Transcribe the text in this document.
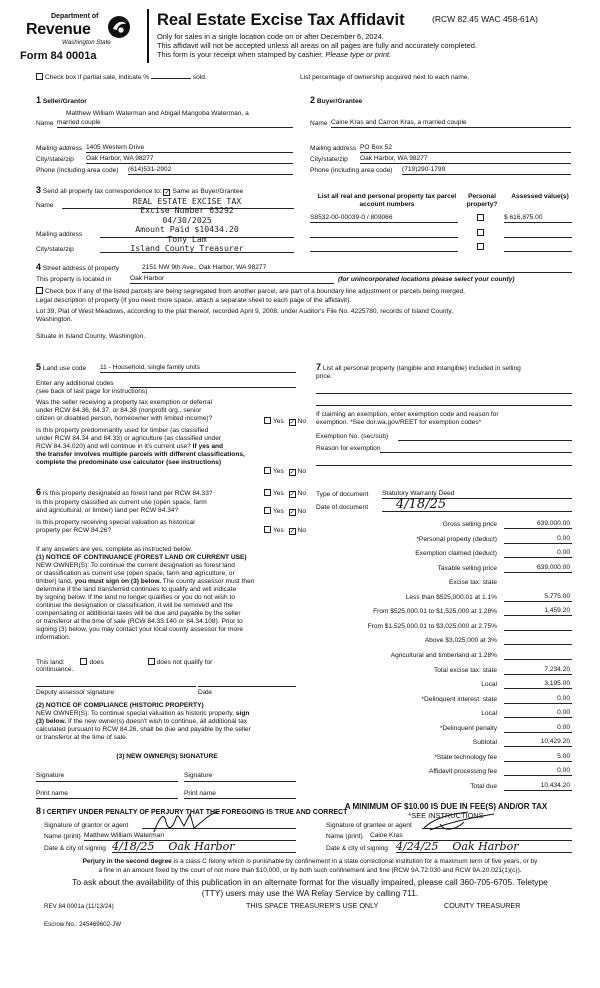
Department of
Revenue
Washington State
Form 84 0001a
Real Estate Excise Tax Affidavit	(RCW 82.45 WAC 458-61A)
Only for sales in a single location code on or after December 6, 2024.
This affidavit will not be accepted unless all areas on all pages are fully and accurately completed.
This form is your receipt when stamped by cashier. Please type or print.
Check box if partial sale, indicate %	sold.	List percentage of ownership acquired next to each name.
1 Seller/Grantor
Matthew William Waterman and Abigail Mangoba Waterman, a
Name married couple
Mailing address 1405 Western Drive
City/state/zip Oak Harbor, WA 98277
Phone (including area code) (614)531-2902
2 Buyer/Grantee
Name Caine Kras and Carron Kras, a married couple
Mailing address PO Box 52
City/state/zip Oak Harbor, WA 98277
Phone (including area code) (719)290-1799
3 Send all property tax correspondence to: ✓ Same as Buyer/Grantee
Name
Mailing address
City/state/zip
REAL ESTATE EXCISE TAX
Excise Number 63292
04/30/2025
Amount Paid $10434.20
Tony Lam
Island County Treasurer
List all real and personal property tax parcel account numbers
Personal property?
Assessed value(s)
S8532-00-00039-0 / 809066	$ 616,875.00
4 Street address of property	2151 NW 9th Ave., Oak Harbor, WA 98277
This property is located in	Oak Harbor	(for unincorporated locations please select your county)
Check box if any of the listed parcels are being segregated from another parcel, are part of a boundary line adjustment or parcels being merged.
Legal description of property (if you need more space, attach a separate sheet to each page of the affidavit).
Lot 39, Plat of West Meadows, according to the plat thereof, recorded April 9, 2008, under Auditor's File No. 4225780, records of Island County,
Washington.
Situate in Island County, Washington.
5 Land use code 11 - Household, single family units
Enter any additional codes
(see back of last page for instructions)
Was the seller receiving a property tax exemption or deferral
under RCW 84.36, 84.37, or 84.38 (nonprofit org., senior
citizen or disabled person, homeowner with limited income)?	Yes ✓ No
Is this property predominantly used for timber (as classified
under RCW 84.34 and 84.33) or agriculture (as classified under
RCW 84.34.020) and will continue in it's current use? If yes and
the transfer involves multiple parcels with different classifications,
complete the predominate use calculator (see instructions)
Yes ✓ No
7 List all personal property (tangible and intangible) included in selling
price.
If claiming an exemption, enter exemption code and reason for
exemption. *See dor.wa.gov/REET for exemption codes*
Exemption No. (sec/sub)
Reason for exemption
6 Is this property designated as forest land per RCW 84.33?	Yes ✓ No
Is this property classified as current use (open space, farm
and agricultural, or timber) land per RCW 84.34?	Yes ✓ No
Is this property receiving special valuation as historical
property per RCW 84.26?	Yes ✓ No
If any answers are yes, complete as instructed below.
(1) NOTICE OF CONTINUANCE (FOREST LAND OR CURRENT USE)
NEW OWNER(S): To continue the current designation as forest land
or classification as current use (open space, farm and agriculture, or
timber) land, you must sign on (3) below. The county assessor must then
determine if the land transferred continues to qualify and will indicate
by signing below. If the land no longer qualifies or you do not wish to
continue the designation or classification, it will be removed and the
compensating or additional taxes will be due and payable by the seller
or transferor at the time of sale (RCW 84.33.140 or 84.34.108). Prior to
signing (3) below, you may contact your local county assessor for more
information.
This land:	does	does not qualify for
continuance.
Deputy assessor signature	Date
(2) NOTICE OF COMPLIANCE (HISTORIC PROPERTY)
NEW OWNER(S): To continue special valuation as historic property, sign
(3) below. If the new owner(s) doesn't wish to continue, all additional tax
calculated pursuant to RCW 84.26, shall be due and payable by the seller
or transferor at the time of sale.
(3) NEW OWNER(S) SIGNATURE
Signature	Signature
Print name	Print name
Type of document Statutory Warranty Deed
Date of document	4/18/25
Gross selling price	639,000.00
*Personal property (deduct)	0.00
Exemption claimed (deduct)	0.00
Taxable selling price	639,000.00
Excise tax: state
Less than $525,000.01 at 1.1%	5,775.00
From $525,000.01 to $1,525,000 at 1.28%	1,459.20
From $1,525,000.01 to $3,025,000 at 2.75%
Above $3,025,000 at 3%
Agricultural and timberland at 1.28%
Total excise tax: state	7,234.20
Local	3,195.00
*Delinquent interest: state	0.00
Local	0.00
*Delinquent penalty	0.00
Subtotal	10,429.20
*State technology fee	5.00
Affidavit processing fee	0.00
Total due	10,434.20
A MINIMUM OF $10.00 IS DUE IN FEE(S) AND/OR TAX
*SEE INSTRUCTIONS
8 I CERTIFY UNDER PENALTY OF PERJURY THAT THE FOREGOING IS TRUE AND CORRECT
Signature of grantor or agent
Name (print) Matthew William Waterman
Date & city of signing 4/18/25 Oak Harbor
Signature of grantee or agent
Name (print) Caine Kras
Date & city of signing 4/24/25 Oak Harbor
Perjury in the second degree is a class C felony which is punishable by confinement in a state correctional institution for a maximum term of five years, or by
a fine in an amount fixed by the court of not more than $10,000, or by both such confinement and fine (RCW 9A.72.030 and RCW 9A.20.021(1)(c)).
To ask about the availability of this publication in an alternate format for the visually impaired, please call 360-705-6705. Teletype
(TTY) users may use the WA Relay Service by calling 711.
REV 84 0001a (11/13/24)	THIS SPACE TREASURER'S USE ONLY	COUNTY TREASURER
Escrow No.: 245469602-JW
